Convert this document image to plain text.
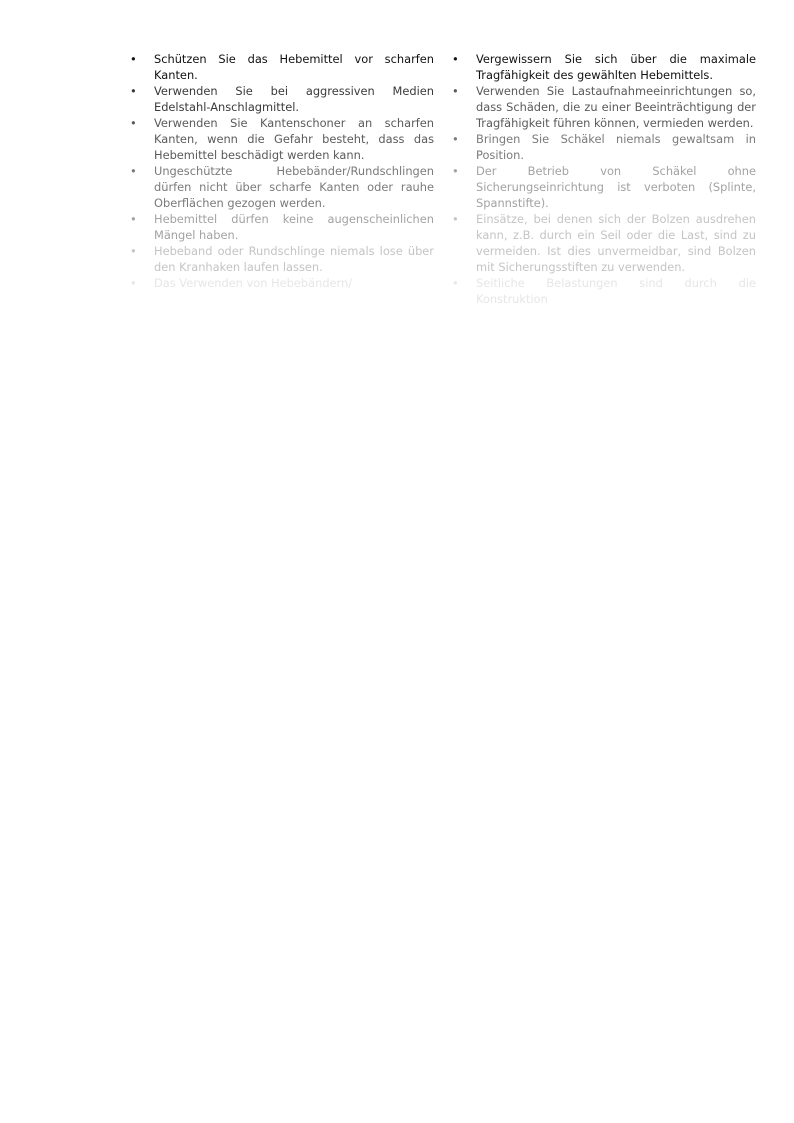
•	Schützen Sie das Hebemittel vor scharfen Kanten.
•	Verwenden Sie bei aggressiven Medien Edelstahl-Anschlagmittel.
•	Verwenden Sie Kantenschoner an scharfen Kanten, wenn die Gefahr besteht, dass das Hebemittel beschädigt werden kann.
•	Ungeschützte Hebebänder/Rundschlingen dürfen nicht über scharfe Kanten oder rauhe Oberflächen gezogen werden.
•	Hebemittel dürfen keine augenscheinlichen Mängel haben.
•	Hebeband oder Rundschlinge niemals lose über den Kranhaken laufen lassen.
•	Das Verwenden von Hebebändern/
•	Vergewissern Sie sich über die maximale Tragfähigkeit des gewählten Hebemittels.
•	Verwenden Sie Lastaufnahmeeinrichtungen so, dass Schäden, die zu einer Beeinträchtigung der Tragfähigkeit führen können, vermieden werden.
•	Bringen Sie Schäkel niemals gewaltsam in Position.
•	Der Betrieb von Schäkel ohne Sicherungseinrichtung ist verboten (Splinte, Spannstifte).
•	Einsätze, bei denen sich der Bolzen ausdrehen kann, z.B. durch ein Seil oder die Last, sind zu vermeiden. Ist dies unvermeidbar, sind Bolzen mit Sicherungsstiften zu verwenden.
•	Seitliche Belastungen sind durch die Konstruktion
